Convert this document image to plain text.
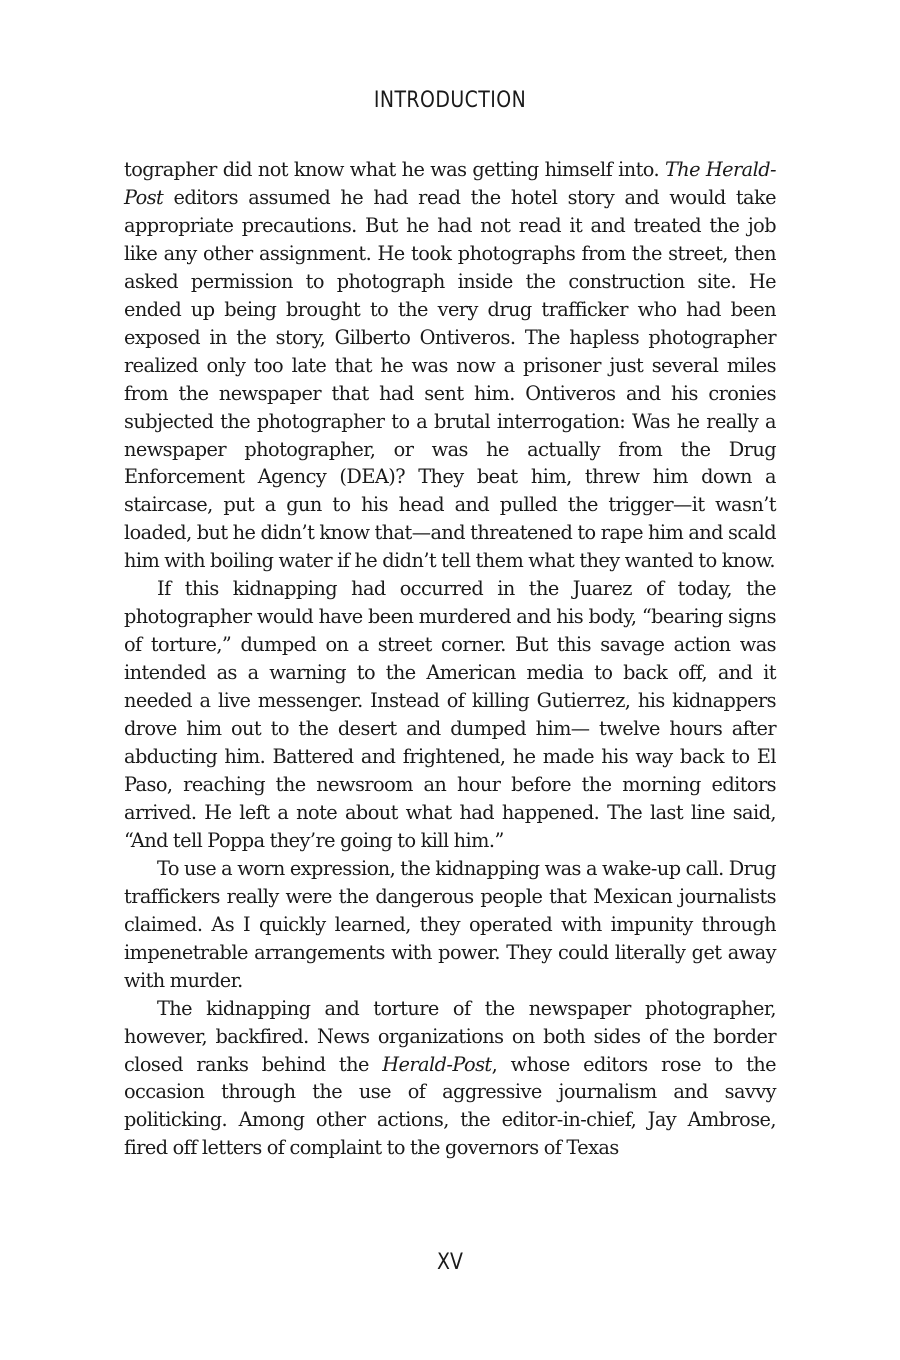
INTRODUCTION

tographer did not know what he was getting himself into. The Herald-Post editors assumed he had read the hotel story and would take appropriate precautions. But he had not read it and treated the job like any other assignment. He took photographs from the street, then asked permission to photograph inside the construction site. He ended up being brought to the very drug trafficker who had been exposed in the story, Gilberto Ontiveros. The hapless photographer realized only too late that he was now a prisoner just several miles from the newspaper that had sent him. Ontiveros and his cronies subjected the photographer to a brutal interrogation: Was he really a newspaper photographer, or was he actually from the Drug Enforcement Agency (DEA)? They beat him, threw him down a staircase, put a gun to his head and pulled the trigger—it wasn’t loaded, but he didn’t know that—and threatened to rape him and scald him with boiling water if he didn’t tell them what they wanted to know.

If this kidnapping had occurred in the Juarez of today, the photographer would have been murdered and his body, “bearing signs of torture,” dumped on a street corner. But this savage action was intended as a warning to the American media to back off, and it needed a live messenger. Instead of killing Gutierrez, his kidnappers drove him out to the desert and dumped him— twelve hours after abducting him. Battered and frightened, he made his way back to El Paso, reaching the newsroom an hour before the morning editors arrived. He left a note about what had happened. The last line said, “And tell Poppa they’re going to kill him.”

To use a worn expression, the kidnapping was a wake-up call. Drug traffickers really were the dangerous people that Mexican journalists claimed. As I quickly learned, they operated with impunity through impenetrable arrangements with power. They could literally get away with murder.

The kidnapping and torture of the newspaper photographer, however, backfired. News organizations on both sides of the border closed ranks behind the Herald-Post, whose editors rose to the occasion through the use of aggressive journalism and savvy politicking. Among other actions, the editor-in-chief, Jay Ambrose, fired off letters of complaint to the governors of Texas

XV
